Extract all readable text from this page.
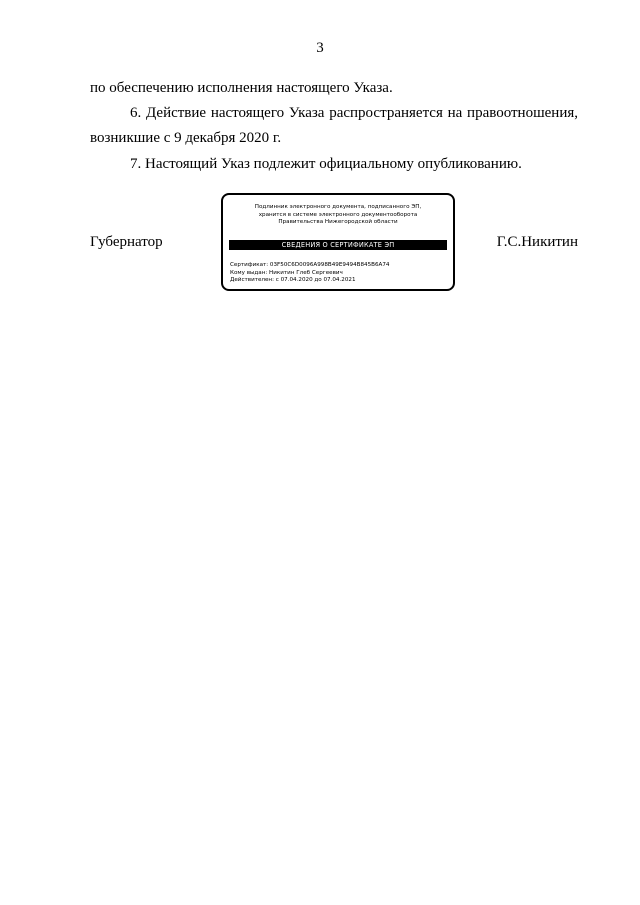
3
по обеспечению исполнения настоящего Указа.
6. Действие настоящего Указа распространяется на правоотношения,
возникшие с 9 декабря 2020 г.
7. Настоящий Указ подлежит официальному опубликованию.
Губернатор
Подлинник электронного документа, подписанного ЭП,
хранится в системе электронного документооборота
Правительства Нижегородской области
СВЕДЕНИЯ О СЕРТИФИКАТЕ ЭП
Сертификат: 03F50C6D0096A998B49E9494B845B6A74
Кому выдан: Никитин Глеб Сергеевич
Действителен: с 07.04.2020 до 07.04.2021
Г.С.Никитин
